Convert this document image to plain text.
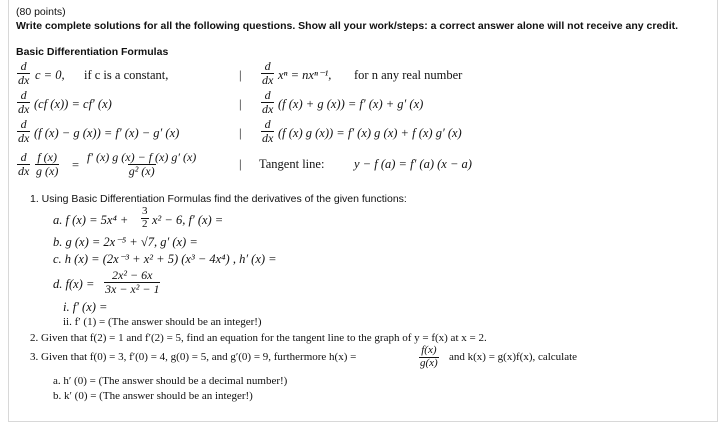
(80 points)
Write complete solutions for all the following questions. Show all your work/steps: a correct answer alone will not receive any credit.
Basic Differentiation Formulas
$\frac{d}{dx}$ c = 0, if c is a constant,	| $\frac{d}{dx}$ xⁿ = nxⁿ⁻¹, for n any real number
$\frac{d}{dx} (cf$ (x)) = cf′ (x)	| $\frac{d}{dx} (f$ (x) + g (x)) = f′ (x) + g′ (x)
$\frac{d}{dx} (f$ (x) − g (x)) = f′ (x) − g′ (x)	| $\frac{d}{dx} (f$ (x) g (x)) = f′ (x) g (x) + f (x) g′ (x)
$\frac{d}{dx} \frac{f (x)}{g (x)} = \frac{f' (x) g (x) - f (x) g' (x)}{\text{g² (x)}}$	| Tangent line: y − f (a) = f′ (a) (x − a)
1. Using Basic Differentiation Formulas find the derivatives of the given functions:
a. f $(x) = 5x^4 + \frac{3}{2} x^2 - 6$, f′ (x) =
b. g (x) = 2x⁻⁵ + √7, g′ (x) =
c. h (x) = (2x⁻³ + x² + 5) (x³ − 4x⁴) , h′ (x) =
d. $f(x) = \frac{\text{2x² − 6x}}{\text{3x − x² − 1}}$
i. f′ (x) =
ii. f′ (1) = (The answer should be an integer!)
2. Given that f(2) = 1 and f′(2) = 5, find an equation for the tangent line to the graph of y = f(x) at x = 2.
3. Given that f(0) = 3, f′(0) = 4, g(0) = 5, and g′(0) = 9, furthermore h(x) =	$\frac{f(x)}{g(x)}$ and k(x) = g(x)f(x), calculate
a. h′ (0) = (The answer should be a decimal number!)
b. k′ (0) = (The answer should be an integer!)
